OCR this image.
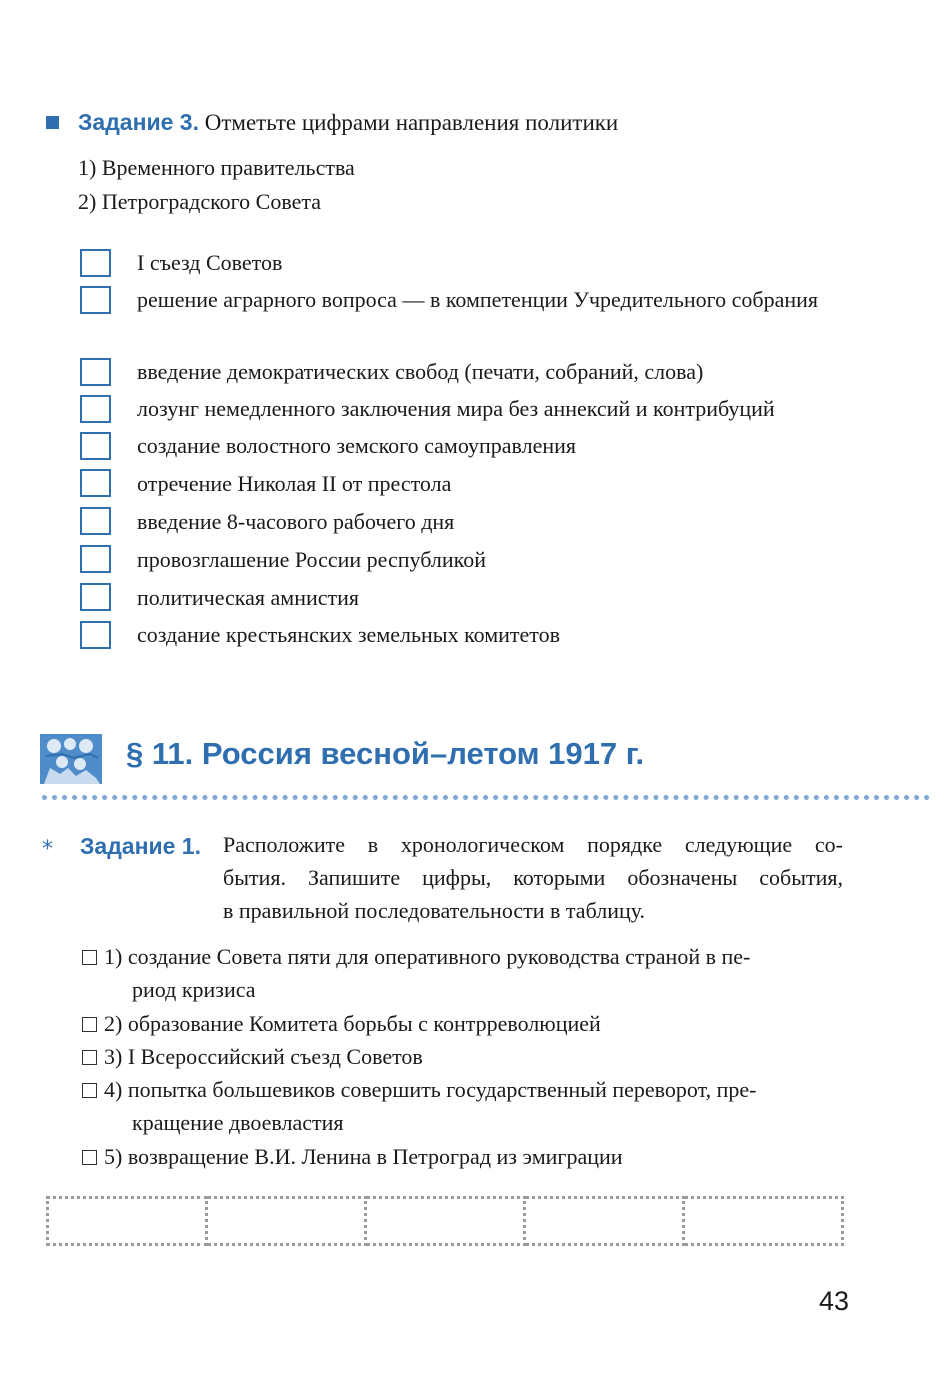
Задание 3. Отметьте цифрами направления политики
1) Временного правительства
2) Петроградского Совета
I съезд Советов
решение аграрного вопроса — в компетенции Учредительного собрания
введение демократических свобод (печати, собраний, слова)
лозунг немедленного заключения мира без аннексий и контрибуций
создание волостного земского самоуправления
отречение Николая II от престола
введение 8-часового рабочего дня
провозглашение России республикой
политическая амнистия
создание крестьянских земельных комитетов
§ 11. Россия весной–летом 1917 г.
⁎ Задание 1. Расположите в хронологическом порядке следующие со-
бытия. Запишите цифры, которыми обозначены события,
в правильной последовательности в таблицу.
1) создание Совета пяти для оперативного руководства страной в пе-
риод кризиса
2) образование Комитета борьбы с контрреволюцией
3) I Всероссийский съезд Советов
4) попытка большевиков совершить государственный переворот, пре-
кращение двоевластия
5) возвращение В.И. Ленина в Петроград из эмиграции

43
